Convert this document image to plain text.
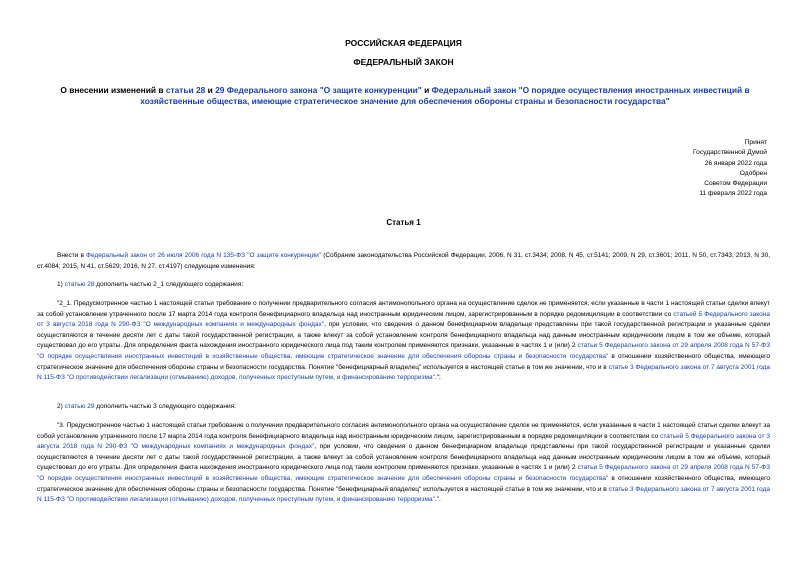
РОССИЙСКАЯ ФЕДЕРАЦИЯ
ФЕДЕРАЛЬНЫЙ ЗАКОН
О внесении изменений в статьи 28 и 29 Федерального закона "О защите конкуренции" и Федеральный закон "О порядке осуществления иностранных инвестиций в хозяйственные общества, имеющие стратегическое значение для обеспечения обороны страны и безопасности государства"
Принят
Государственной Думой
26 января 2022 года
Одобрен
Советом Федерации
11 февраля 2022 года
Статья 1
Внести в Федеральный закон от 26 июля 2006 года N 135-ФЗ "О защите конкуренции" (Собрание законодательства Российской Федерации, 2006, N 31, ст.3434; 2008, N 45, ст.5141; 2009, N 29, ст.3601; 2011, N 50, ст.7343; 2013, N 30, ст.4084; 2015, N 41, ст.5629; 2016, N 27, ст.4197) следующие изменения:
1) статью 28 дополнить частью 2_1 следующего содержания:
"2_1. Предусмотренное частью 1 настоящей статьи требование о получении предварительного согласия антимонопольного органа на осуществление сделок не применяется, если указанные в части 1 настоящей статьи сделки влекут за собой установление утраченного после 17 марта 2014 года контроля бенефициарного владельца над иностранным юридическим лицом, зарегистрированным в порядке редомициляции в соответствии со статьей 5 Федерального закона от 3 августа 2018 года N 290-ФЗ "О международных компаниях и международных фондах", при условии, что сведения о данном бенефициарном владельце представлены при такой государственной регистрации и указанные сделки осуществляются в течение десяти лет с даты такой государственной регистрации, а также влекут за собой установление контроля бенефициарного владельца над данным иностранным юридическим лицом в том же объеме, который существовал до его утраты. Для определения факта нахождения иностранного юридического лица под таким контролем применяются признаки, указанные в частях 1 и (или) 2 статьи 5 Федерального закона от 29 апреля 2008 года N 57-ФЗ "О порядке осуществления иностранных инвестиций в хозяйственные общества, имеющие стратегическое значение для обеспечения обороны страны и безопасности государства" в отношении хозяйственного общества, имеющего стратегическое значение для обеспечения обороны страны и безопасности государства. Понятие "бенефициарный владелец" используется в настоящей статье в том же значении, что и в статье 3 Федерального закона от 7 августа 2001 года N 115-ФЗ "О противодействии легализации (отмыванию) доходов, полученных преступным путем, и финансированию терроризма".";
2) статью 29 дополнить частью 3 следующего содержания:
"3. Предусмотренное частью 1 настоящей статьи требование о получении предварительного согласия антимонопольного органа на осуществление сделок не применяется, если указанные в части 1 настоящей статьи сделки влекут за собой установление утраченного после 17 марта 2014 года контроля бенефициарного владельца над иностранным юридическим лицом, зарегистрированным в порядке редомициляции в соответствии со статьей 5 Федерального закона от 3 августа 2018 года N 290-ФЗ "О международных компаниях и международных фондах", при условии, что сведения о данном бенефициарном владельце представлены при такой государственной регистрации и указанные сделки осуществляются в течение десяти лет с даты такой государственной регистрации, а также влекут за собой установление контроля бенефициарного владельца над данным иностранным юридическим лицом в том же объеме, который существовал до его утраты. Для определения факта нахождения иностранного юридического лица под таким контролем применяются признаки, указанные в частях 1 и (или) 2 статьи 5 Федерального закона от 29 апреля 2008 года N 57-ФЗ "О порядке осуществления иностранных инвестиций в хозяйственные общества, имеющие стратегическое значение для обеспечения обороны страны и безопасности государства" в отношении хозяйственного общества, имеющего стратегическое значение для обеспечения обороны страны и безопасности государства. Понятие "бенефициарный владелец" используется в настоящей статье в том же значении, что и в статье 3 Федерального закона от 7 августа 2001 года N 115-ФЗ "О противодействии легализации (отмыванию) доходов, полученных преступным путем, и финансированию терроризма".".
